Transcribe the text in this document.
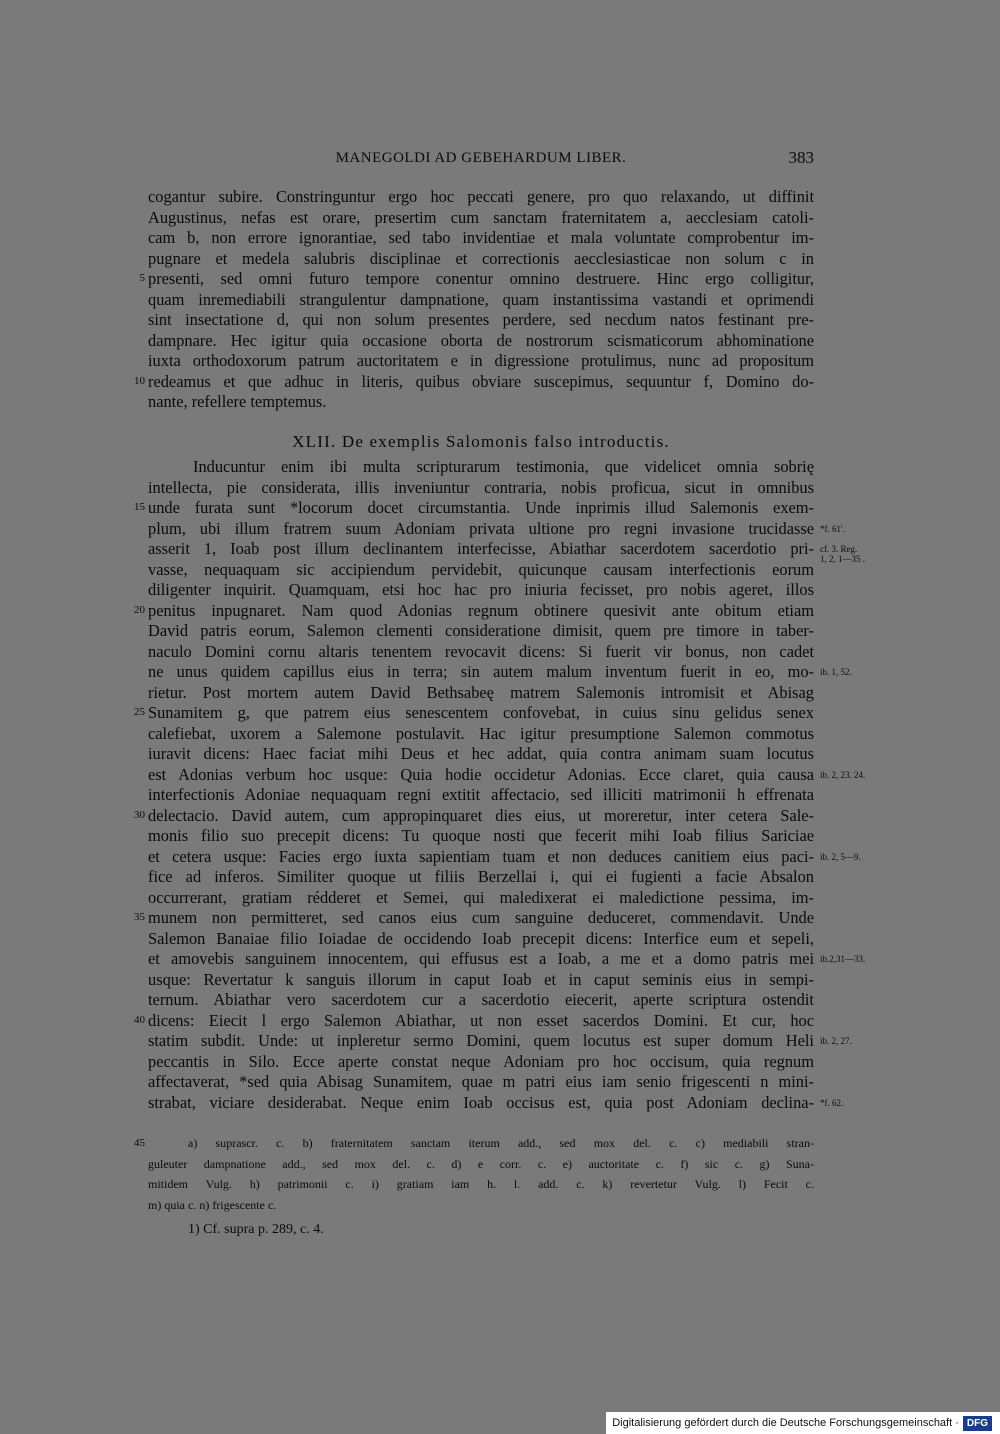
MANEGOLDI AD GEBEHARDUM LIBER.	383
cogantur subire. Constringuntur ergo hoc peccati genere, pro quo relaxando, ut diffinit
Augustinus, nefas est orare, presertim cum sanctam fraternitatem a, aecclesiam catoli-
cam b, non errore ignorantiae, sed tabo invidentiae et mala voluntate comprobentur im-
pugnare et medela salubris disciplinae et correctionis aecclesiasticae non solum c in
presenti, sed omni futuro tempore conentur omnino destruere. Hinc ergo colligitur,
5
quam inremediabili strangulentur dampnatione, quam instantissima vastandi et oprimendi
sint insectatione d, qui non solum presentes perdere, sed necdum natos festinant pre-
dampnare. Hec igitur quia occasione oborta de nostrorum scismaticorum abhominatione
iuxta orthodoxorum patrum auctoritatem e in digressione protulimus, nunc ad propositum
redeamus et que adhuc in literis, quibus obviare suscepimus, sequuntur f, Domino do-
10
nante, refellere temptemus.
XLII. De exemplis Salomonis falso introductis.
Inducuntur enim ibi multa scripturarum testimonia, que videlicet omnia sobrię
intellecta, pie considerata, illis inveniuntur contraria, nobis proficua, sicut in omnibus
unde furata sunt *locorum docet circumstantia. Unde inprimis illud Salemonis exem-
15
plum, ubi illum fratrem suum Adoniam privata ultione pro regni invasione trucidasse
asserit 1, Ioab post illum declinantem interfecisse, Abiathar sacerdotem sacerdotio pri-
vasse, nequaquam sic accipiendum pervidebit, quicunque causam interfectionis eorum
diligenter inquirit. Quamquam, etsi hoc hac pro iniuria fecisset, pro nobis ageret, illos
penitus inpugnaret. Nam quod Adonias regnum obtinere quesivit ante obitum etiam
20
David patris eorum, Salemon clementi consideratione dimisit, quem pre timore in taber-
naculo Domini cornu altaris tenentem revocavit dicens: Si fuerit vir bonus, non cadet
ne unus quidem capillus eius in terra; sin autem malum inventum fuerit in eo, mo-
rietur. Post mortem autem David Bethsabeę matrem Salemonis intromisit et Abisag
Sunamitem g, que patrem eius senescentem confovebat, in cuius sinu gelidus senex
25
calefiebat, uxorem a Salemone postulavit. Hac igitur presumptione Salemon commotus
iuravit dicens: Haec faciat mihi Deus et hec addat, quia contra animam suam locutus
est Adonias verbum hoc usque: Quia hodie occidetur Adonias. Ecce claret, quia causa
interfectionis Adoniae nequaquam regni extitit affectacio, sed illiciti matrimonii h effrenata
delectacio. David autem, cum appropinquaret dies eius, ut moreretur, inter cetera Sale-
30
monis filio suo precepit dicens: Tu quoque nosti que fecerit mihi Ioab filius Sariciae
et cetera usque: Facies ergo iuxta sapientiam tuam et non deduces canitiem eius paci-
fice ad inferos. Similiter quoque ut filiis Berzellai i, qui ei fugienti a facie Absalon
occurrerant, gratiam rédderet et Semei, qui maledixerat ei maledictione pessima, im-
munem non permitteret, sed canos eius cum sanguine deduceret, commendavit. Unde
35
Salemon Banaiae filio Ioiadae de occidendo Ioab precepit dicens: Interfice eum et sepeli,
et amovebis sanguinem innocentem, qui effusus est a Ioab, a me et a domo patris mei
usque: Revertatur k sanguis illorum in caput Ioab et in caput seminis eius in sempi-
ternum. Abiathar vero sacerdotem cur a sacerdotio eiecerit, aperte scriptura ostendit
dicens: Eiecit l ergo Salemon Abiathar, ut non esset sacerdos Domini. Et cur, hoc
40
statim subdit. Unde: ut inpleretur sermo Domini, quem locutus est super domum Heli
peccantis in Silo. Ecce aperte constat neque Adoniam pro hoc occisum, quia regnum
affectaverat, *sed quia Abisag Sunamitem, quae m patri eius iam senio frigescenti n mini-
strabat, viciare desiderabat. Neque enim Ioab occisus est, quia post Adoniam declina-
*f. 61'.
cf. 3. Reg.
1, 2, 1—35 .
ib. 1, 52.
ib. 2, 23. 24.
ib. 2, 5—9.
ib.2,31—33.
ib. 2, 27.
*f. 62.
45	a) suprascr. c. b) fraternitatem sanctam iterum add., sed mox del. c. c) mediabili stran-
guleuter dampnatione add., sed mox del. c. d) e corr. c. e) auctoritate c. f) sic c. g) Suna-
mitidem Vulg. h) patrimonii c. i) gratiam iam h. l. add. c. k) revertetur Vulg. l) Fecit c.
m) quia c. n) frigescente c.
1) Cf. supra p. 289, c. 4.
Digitalisierung gefördert durch die Deutsche Forschungsgemeinschaft · DFG
